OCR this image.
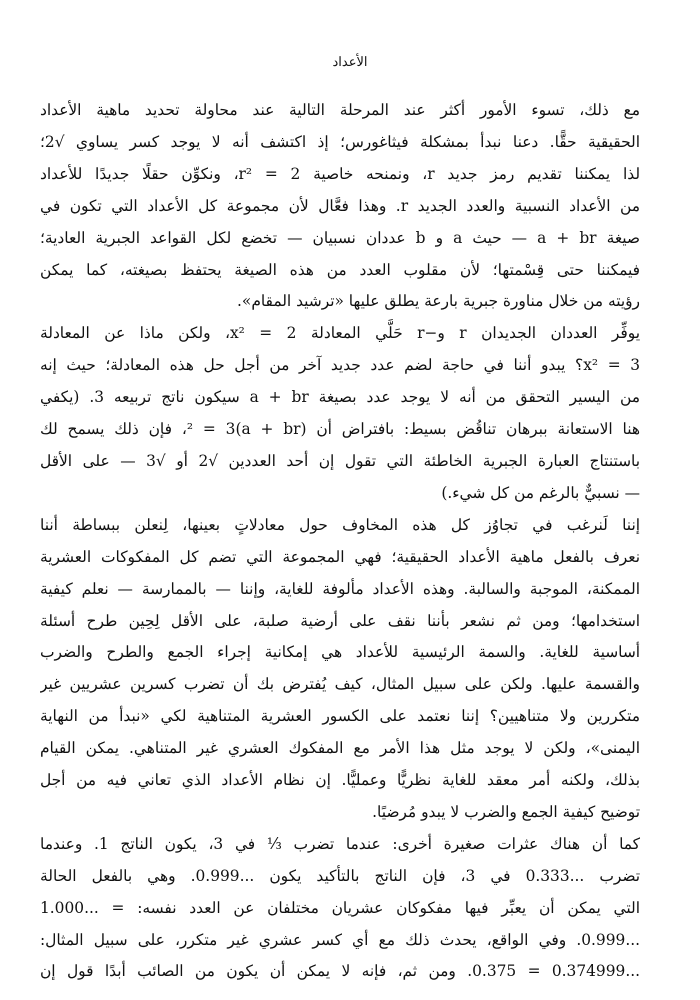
الأعداد

مع ذلك، تسوء الأمور أكثر عند المرحلة التالية عند محاولة تحديد ماهية الأعداد
الحقيقية حقًّا. دعنا نبدأ بمشكلة فيثاغورس؛ إذ اكتشف أنه لا يوجد كسر يساوي √2؛
لذا يمكننا تقديم رمز جديد r، ونمنحه خاصية r² = 2، ونكوِّن حقلًا جديدًا للأعداد
من الأعداد النسبية والعدد الجديد r. وهذا فعَّال لأن مجموعة كل الأعداد التي تكون في
صيغة a + br — حيث a و b عددان نسبيان — تخضع لكل القواعد الجبرية العادية؛
فيمكننا حتى قِسْمتها؛ لأن مقلوب العدد من هذه الصيغة يحتفظ بصيغته، كما يمكن
رؤيته من خلال مناورة جبرية بارعة يطلق عليها «ترشيد المقام».

يوفِّر العددان الجديدان r و−r حَلَّي المعادلة x² = 2، ولكن ماذا عن المعادلة
x² = 3؟ يبدو أننا في حاجة لضم عدد جديد آخر من أجل حل هذه المعادلة؛ حيث إنه
من اليسير التحقق من أنه لا يوجد عدد بصيغة a + br سيكون ناتج تربيعه 3. (يكفي
هنا الاستعانة ببرهان تناقُض بسيط: بافتراض أن (a + br)² = 3، فإن ذلك يسمح لك
باستنتاج العبارة الجبرية الخاطئة التي تقول إن أحد العددين √2 أو √3 — على الأقل
— نسبيٌّ بالرغم من كل شيء.)

إننا لَنرغب في تجاوُز كل هذه المخاوف حول معادلاتٍ بعينها، لِنعلن ببساطة أننا
نعرف بالفعل ماهية الأعداد الحقيقية؛ فهي المجموعة التي تضم كل المفكوكات العشرية
الممكنة، الموجبة والسالبة. وهذه الأعداد مألوفة للغاية، وإننا — بالممارسة — نعلم كيفية
استخدامها؛ ومن ثم نشعر بأننا نقف على أرضية صلبة، على الأقل لِحِين طرح أسئلة
أساسية للغاية. والسمة الرئيسية للأعداد هي إمكانية إجراء الجمع والطرح والضرب
والقسمة عليها. ولكن على سبيل المثال، كيف يُفترض بك أن تضرب كسرين عشريين غير
متكررين ولا متناهيين؟ إننا نعتمد على الكسور العشرية المتناهية لكي «نبدأ من النهاية
اليمنى»، ولكن لا يوجد مثل هذا الأمر مع المفكوك العشري غير المتناهي. يمكن القيام
بذلك، ولكنه أمر معقد للغاية نظريًّا وعمليًّا. إن نظام الأعداد الذي تعاني فيه من أجل
توضيح كيفية الجمع والضرب لا يبدو مُرضيًا.

كما أن هناك عثرات صغيرة أخرى: عندما تضرب ⅓ في 3، يكون الناتج 1. وعندما
تضرب ...0.333 في 3، فإن الناتج بالتأكيد يكون ...0.999. وهي بالفعل الحالة
التي يمكن أن يعبِّر فيها مفكوكان عشريان مختلفان عن العدد نفسه: = ...1.000
...0.999. وفي الواقع، يحدث ذلك مع أي كسر عشري غير متكرر، على سبيل المثال:
...0.374999 = 0.375. ومن ثم، فإنه لا يمكن أن يكون من الصائب أبدًا قول إن
